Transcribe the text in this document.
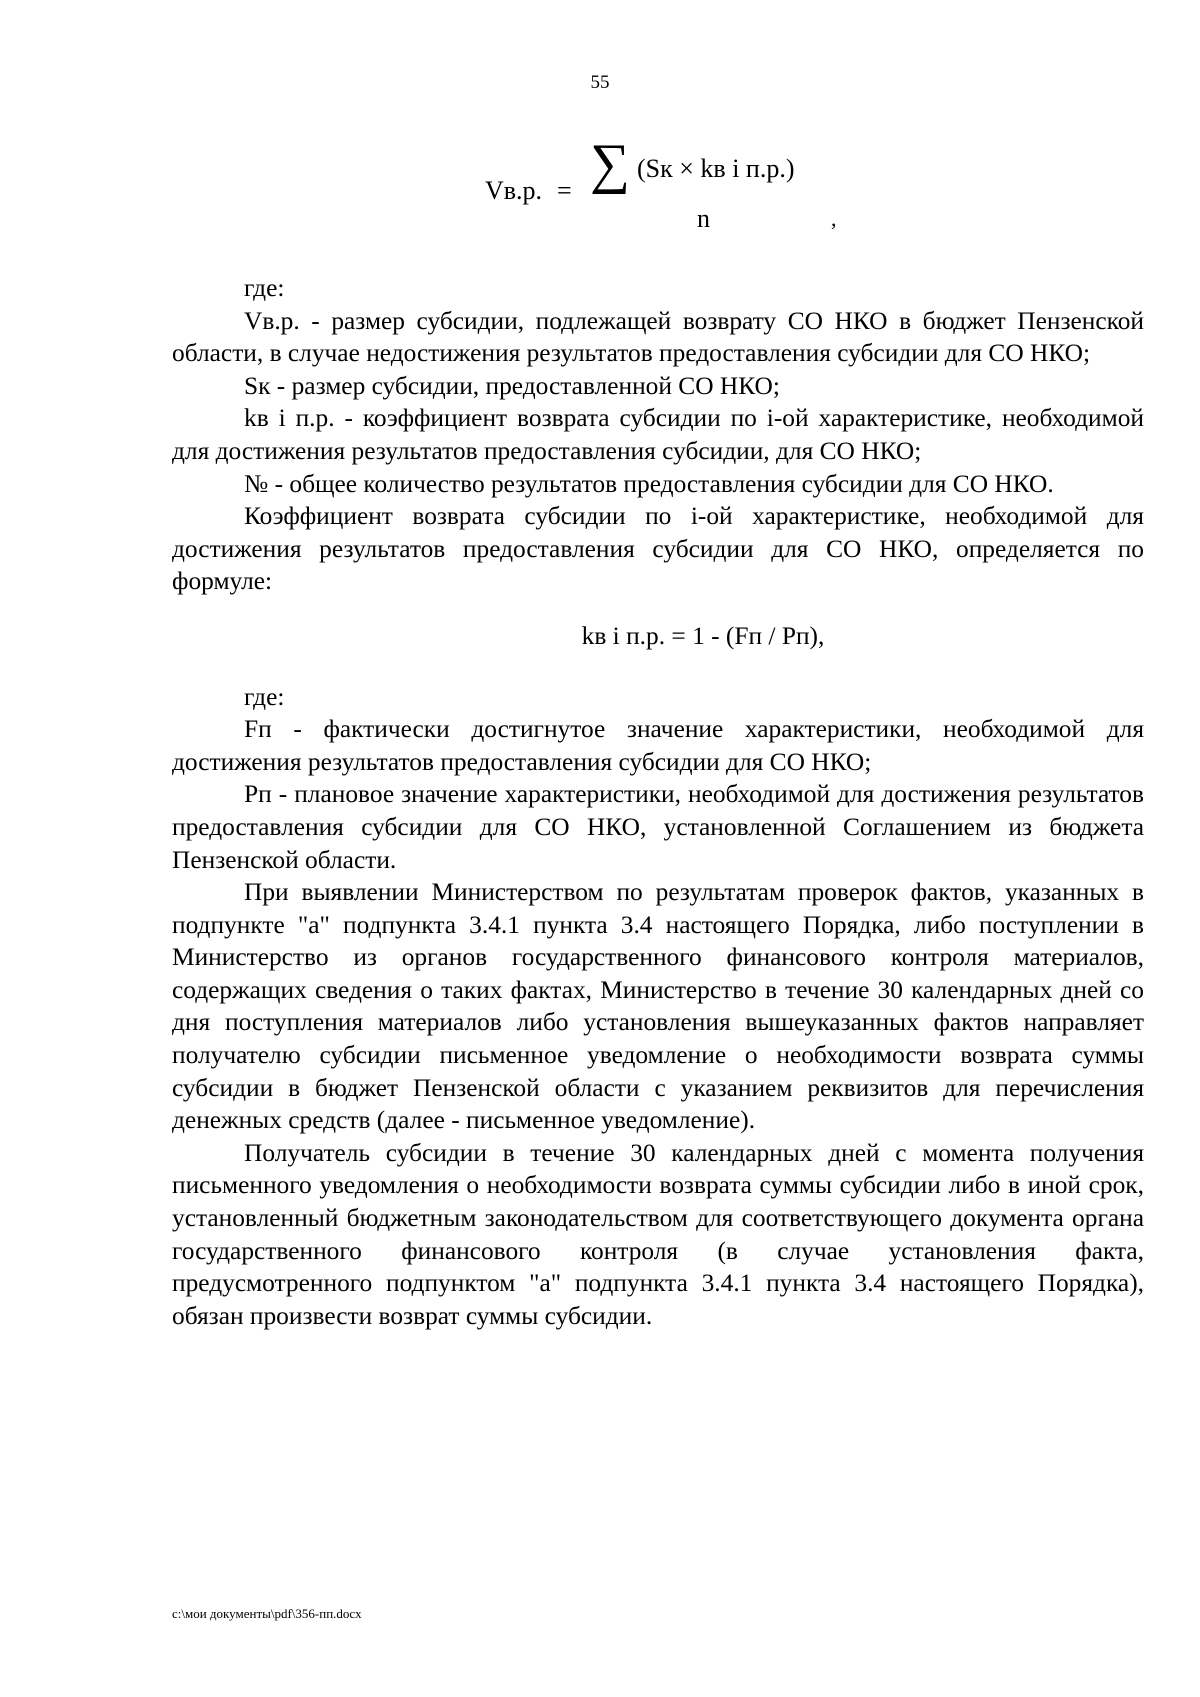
55
Vв.р. = ∑ (Sк × kв i п.р.)
n	,

где:

Vв.р. - размер субсидии, подлежащей возврату СО НКО в бюджет Пензенской области, в случае недостижения результатов предоставления субсидии для СО НКО;

Sк - размер субсидии, предоставленной СО НКО;

kв i п.р. - коэффициент возврата субсидии по i-ой характеристике, необходимой для достижения результатов предоставления субсидии, для СО НКО;

№ - общее количество результатов предоставления субсидии для СО НКО.

Коэффициент возврата субсидии по i-ой характеристике, необходимой для достижения результатов предоставления субсидии для СО НКО, определяется по формуле:

kв i п.р. = 1 - (Fп / Рп),

где:

Fп - фактически достигнутое значение характеристики, необходимой для достижения результатов предоставления субсидии для СО НКО;

Рп - плановое значение характеристики, необходимой для достижения результатов предоставления субсидии для СО НКО, установленной Соглашением из бюджета Пензенской области.

При выявлении Министерством по результатам проверок фактов, указанных в подпункте "а" подпункта 3.4.1 пункта 3.4 настоящего Порядка, либо поступлении в Министерство из органов государственного финансового контроля материалов, содержащих сведения о таких фактах, Министерство в течение 30 календарных дней со дня поступления материалов либо установления вышеуказанных фактов направляет получателю субсидии письменное уведомление о необходимости возврата суммы субсидии в бюджет Пензенской области с указанием реквизитов для перечисления денежных средств (далее - письменное уведомление).

Получатель субсидии в течение 30 календарных дней с момента получения письменного уведомления о необходимости возврата суммы субсидии либо в иной срок, установленный бюджетным законодательством для соответствующего документа органа государственного финансового контроля (в случае установления факта, предусмотренного подпунктом "а" подпункта 3.4.1 пункта 3.4 настоящего Порядка), обязан произвести возврат суммы субсидии.

c:\мои документы\pdf\356-пп.docx
